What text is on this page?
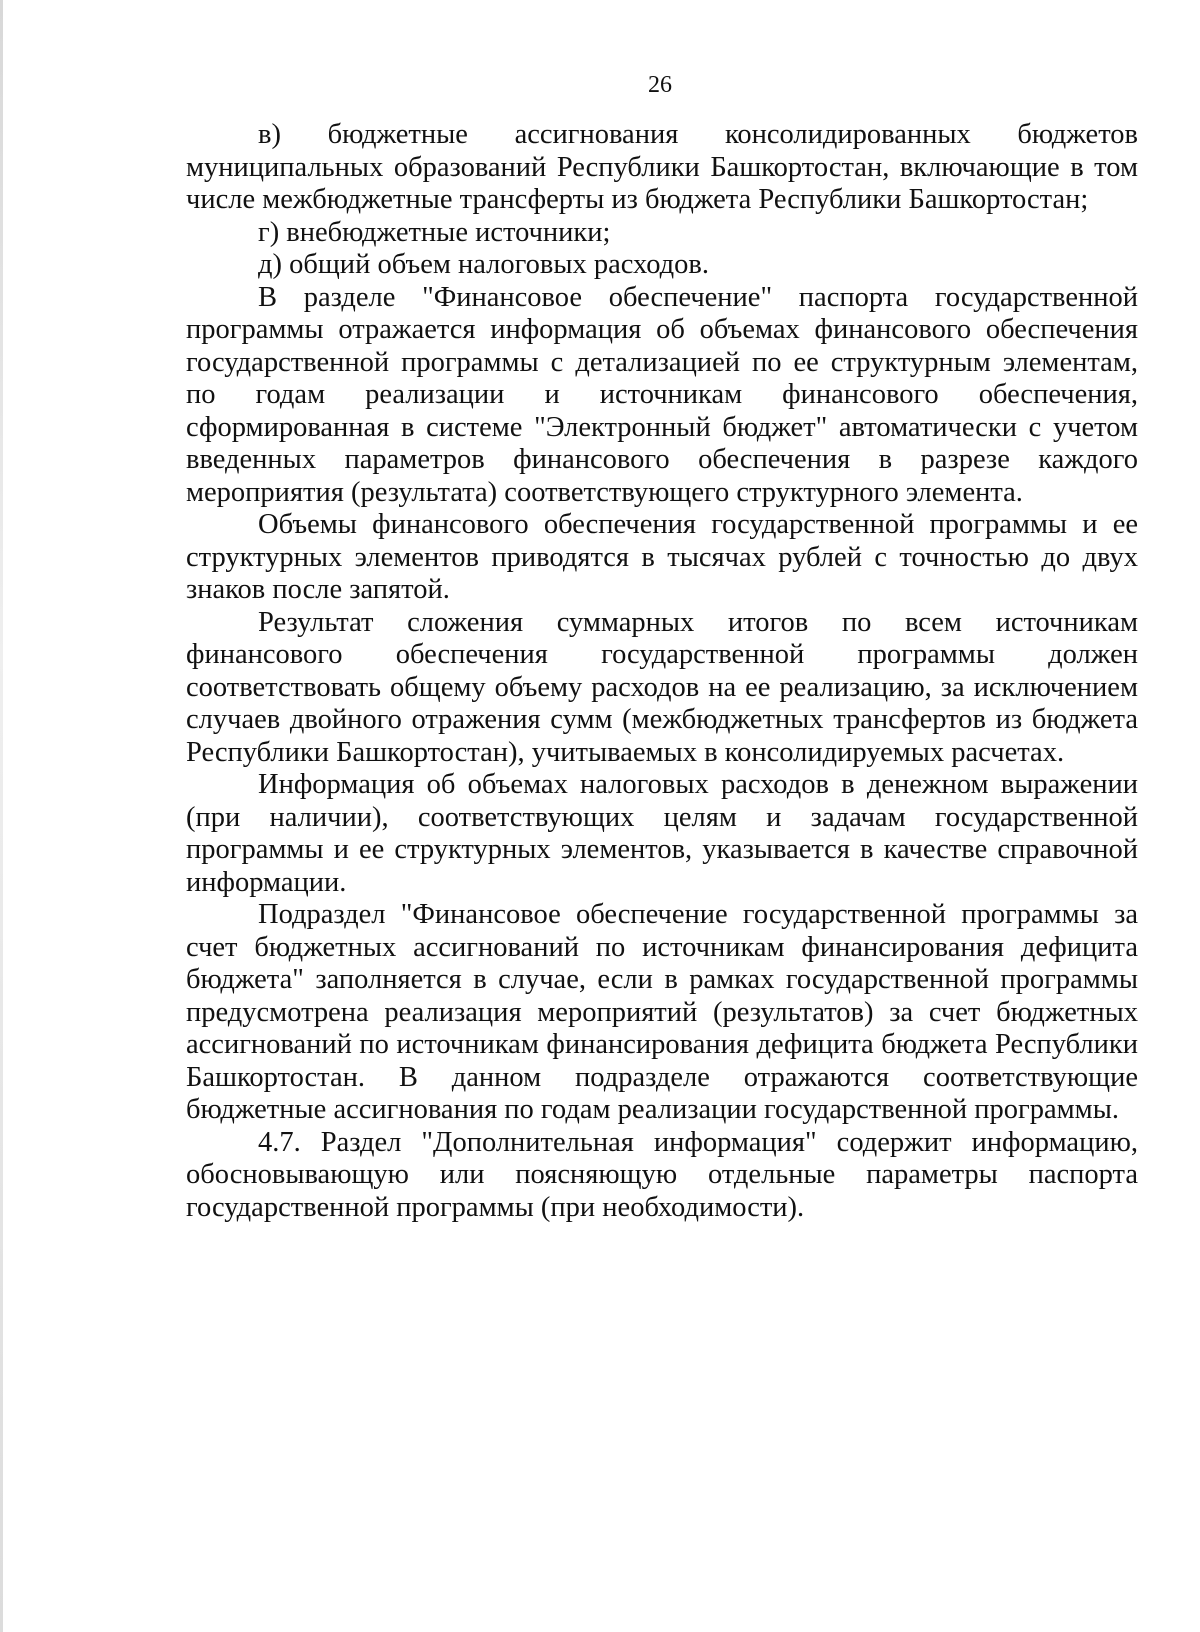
26

в) бюджетные ассигнования консолидированных бюджетов муниципальных образований Республики Башкортостан, включающие в том числе межбюджетные трансферты из бюджета Республики Башкортостан;

г) внебюджетные источники;

д) общий объем налоговых расходов.

В разделе "Финансовое обеспечение" паспорта государственной программы отражается информация об объемах финансового обеспечения государственной программы с детализацией по ее структурным элементам, по годам реализации и источникам финансового обеспечения, сформированная в системе "Электронный бюджет" автоматически с учетом введенных параметров финансового обеспечения в разрезе каждого мероприятия (результата) соответствующего структурного элемента.

Объемы финансового обеспечения государственной программы и ее структурных элементов приводятся в тысячах рублей с точностью до двух знаков после запятой.

Результат сложения суммарных итогов по всем источникам финансового обеспечения государственной программы должен соответствовать общему объему расходов на ее реализацию, за исключением случаев двойного отражения сумм (межбюджетных трансфертов из бюджета Республики Башкортостан), учитываемых в консолидируемых расчетах.

Информация об объемах налоговых расходов в денежном выражении (при наличии), соответствующих целям и задачам государственной программы и ее структурных элементов, указывается в качестве справочной информации.

Подраздел "Финансовое обеспечение государственной программы за счет бюджетных ассигнований по источникам финансирования дефицита бюджета" заполняется в случае, если в рамках государственной программы предусмотрена реализация мероприятий (результатов) за счет бюджетных ассигнований по источникам финансирования дефицита бюджета Республики Башкортостан. В данном подразделе отражаются соответствующие бюджетные ассигнования по годам реализации государственной программы.

4.7. Раздел "Дополнительная информация" содержит информацию, обосновывающую или поясняющую отдельные параметры паспорта государственной программы (при необходимости).
